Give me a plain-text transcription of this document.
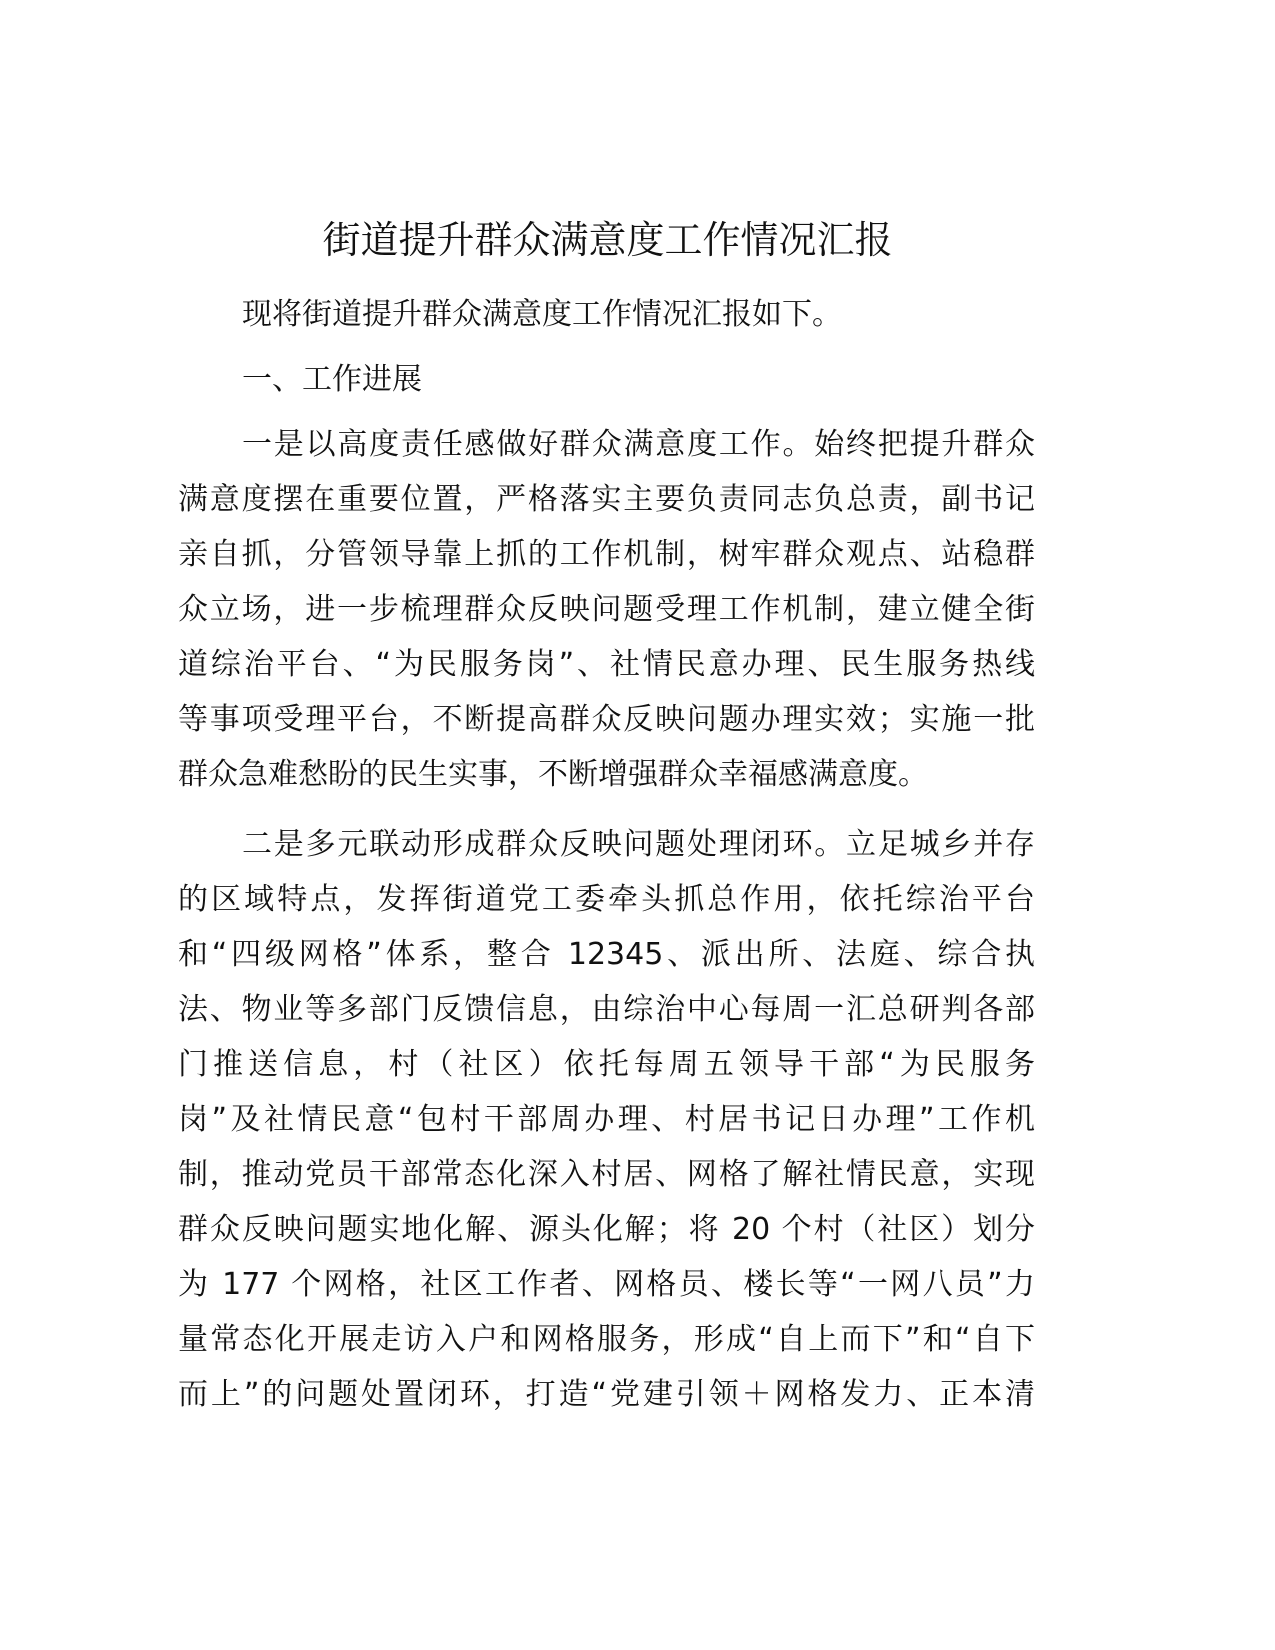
街道提升群众满意度工作情况汇报
现将街道提升群众满意度工作情况汇报如下。
一、工作进展
一是以高度责任感做好群众满意度工作。始终把提升群众
满意度摆在重要位置，严格落实主要负责同志负总责，副书记
亲自抓，分管领导靠上抓的工作机制，树牢群众观点、站稳群
众立场，进一步梳理群众反映问题受理工作机制，建立健全街
道综治平台、“为民服务岗”、社情民意办理、民生服务热线
等事项受理平台，不断提高群众反映问题办理实效；实施一批
群众急难愁盼的民生实事，不断增强群众幸福感满意度。
二是多元联动形成群众反映问题处理闭环。立足城乡并存
的区域特点，发挥街道党工委牵头抓总作用，依托综治平台
和“四级网格”体系，整合 12345、派出所、法庭、综合执
法、物业等多部门反馈信息，由综治中心每周一汇总研判各部
门推送信息，村（社区）依托每周五领导干部“为民服务
岗”及社情民意“包村干部周办理、村居书记日办理”工作机
制，推动党员干部常态化深入村居、网格了解社情民意，实现
群众反映问题实地化解、源头化解；将 20 个村（社区）划分
为 177 个网格，社区工作者、网格员、楼长等“一网八员”力
量常态化开展走访入户和网格服务，形成“自上而下”和“自下
而上”的问题处置闭环，打造“党建引领＋网格发力、正本清
